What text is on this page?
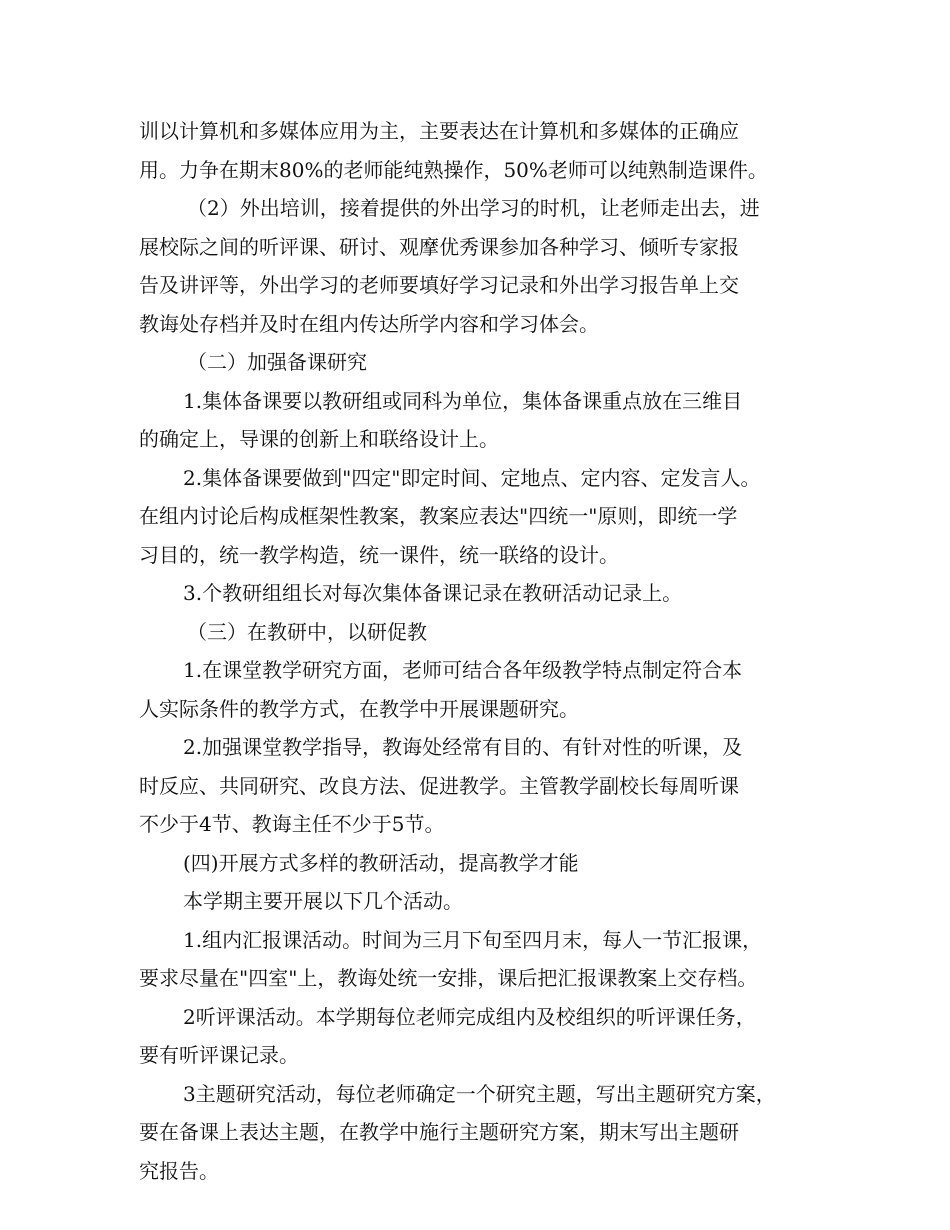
训以计算机和多媒体应用为主，主要表达在计算机和多媒体的正确应
用。力争在期末80%的老师能纯熟操作，50%老师可以纯熟制造课件。
（2）外出培训，接着提供的外出学习的时机，让老师走出去，进
展校际之间的听评课、研讨、观摩优秀课参加各种学习、倾听专家报
告及讲评等，外出学习的老师要填好学习记录和外出学习报告单上交
教诲处存档并及时在组内传达所学内容和学习体会。
（二）加强备课研究
1.集体备课要以教研组或同科为单位，集体备课重点放在三维目
的确定上，导课的创新上和联络设计上。
2.集体备课要做到"四定"即定时间、定地点、定内容、定发言人。
在组内讨论后构成框架性教案，教案应表达"四统一"原则，即统一学
习目的，统一教学构造，统一课件，统一联络的设计。
3.个教研组组长对每次集体备课记录在教研活动记录上。
（三）在教研中，以研促教
1.在课堂教学研究方面，老师可结合各年级教学特点制定符合本
人实际条件的教学方式，在教学中开展课题研究。
2.加强课堂教学指导，教诲处经常有目的、有针对性的听课，及
时反应、共同研究、改良方法、促进教学。主管教学副校长每周听课
不少于4节、教诲主任不少于5节。
(四)开展方式多样的教研活动，提高教学才能
本学期主要开展以下几个活动。
1.组内汇报课活动。时间为三月下旬至四月末，每人一节汇报课，
要求尽量在"四室"上，教诲处统一安排，课后把汇报课教案上交存档。
2听评课活动。本学期每位老师完成组内及校组织的听评课任务，
要有听评课记录。
3主题研究活动，每位老师确定一个研究主题，写出主题研究方案，
要在备课上表达主题，在教学中施行主题研究方案，期末写出主题研
究报告。
